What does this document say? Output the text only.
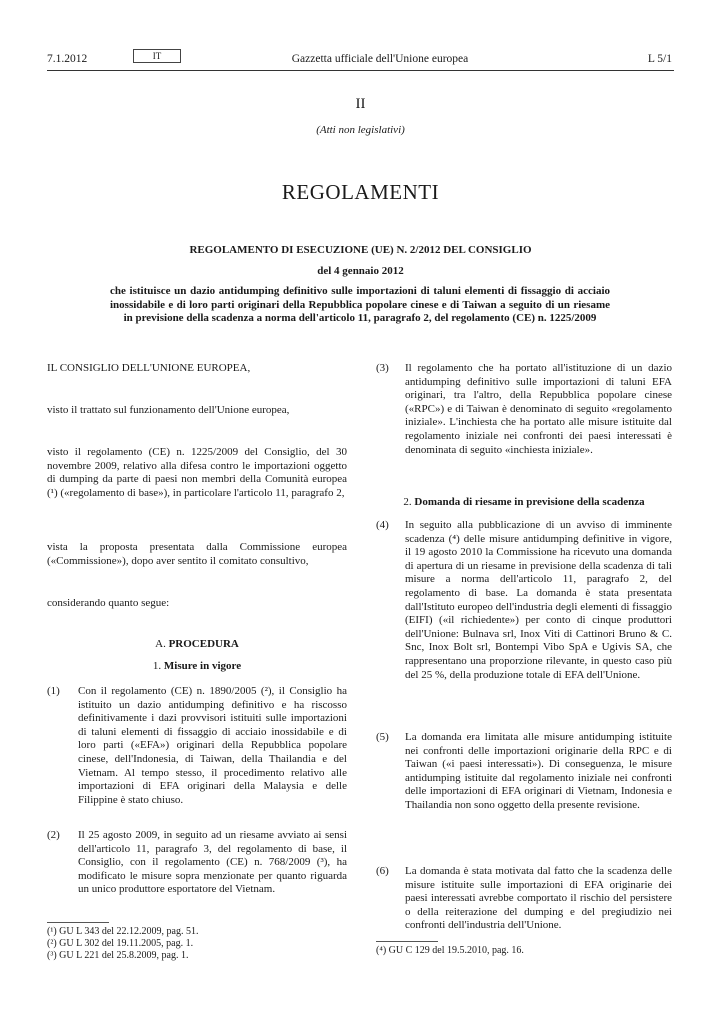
7.1.2012	IT	Gazzetta ufficiale dell'Unione europea	L 5/1
II
(Atti non legislativi)
REGOLAMENTI
REGOLAMENTO DI ESECUZIONE (UE) N. 2/2012 DEL CONSIGLIO
del 4 gennaio 2012
che istituisce un dazio antidumping definitivo sulle importazioni di taluni elementi di fissaggio di acciaio inossidabile e di loro parti originari della Repubblica popolare cinese e di Taiwan a seguito di un riesame in previsione della scadenza a norma dell'articolo 11, paragrafo 2, del regolamento (CE) n. 1225/2009
IL CONSIGLIO DELL'UNIONE EUROPEA,
visto il trattato sul funzionamento dell'Unione europea,
visto il regolamento (CE) n. 1225/2009 del Consiglio, del 30 novembre 2009, relativo alla difesa contro le importazioni oggetto di dumping da parte di paesi non membri della Comunità europea (¹) («regolamento di base»), in particolare l'articolo 11, paragrafo 2,
vista la proposta presentata dalla Commissione europea («Commissione»), dopo aver sentito il comitato consultivo,
considerando quanto segue:
A. PROCEDURA
1. Misure in vigore
(1)	Con il regolamento (CE) n. 1890/2005 (²), il Consiglio ha istituito un dazio antidumping definitivo e ha riscosso definitivamente i dazi provvisori istituiti sulle importazioni di taluni elementi di fissaggio di acciaio inossidabile e di loro parti («EFA») originari della Repubblica popolare cinese, dell'Indonesia, di Taiwan, della Thailandia e del Vietnam. Al tempo stesso, il procedimento relativo alle importazioni di EFA originari della Malaysia e delle Filippine è stato chiuso.
(2)	Il 25 agosto 2009, in seguito ad un riesame avviato ai sensi dell'articolo 11, paragrafo 3, del regolamento di base, il Consiglio, con il regolamento (CE) n. 768/2009 (³), ha modificato le misure sopra menzionate per quanto riguarda un unico produttore esportatore del Vietnam.
(¹) GU L 343 del 22.12.2009, pag. 51.
(²) GU L 302 del 19.11.2005, pag. 1.
(³) GU L 221 del 25.8.2009, pag. 1.
(3)	Il regolamento che ha portato all'istituzione di un dazio antidumping definitivo sulle importazioni di taluni EFA originari, tra l'altro, della Repubblica popolare cinese («RPC») e di Taiwan è denominato di seguito «regolamento iniziale». L'inchiesta che ha portato alle misure istituite dal regolamento iniziale nei confronti dei paesi interessati è denominata di seguito «inchiesta iniziale».
2. Domanda di riesame in previsione della scadenza
(4)	In seguito alla pubblicazione di un avviso di imminente scadenza (⁴) delle misure antidumping definitive in vigore, il 19 agosto 2010 la Commissione ha ricevuto una domanda di apertura di un riesame in previsione della scadenza di tali misure a norma dell'articolo 11, paragrafo 2, del regolamento di base. La domanda è stata presentata dall'Istituto europeo dell'industria degli elementi di fissaggio (EIFI) («il richiedente») per conto di cinque produttori dell'Unione: Bulnava srl, Inox Viti di Cattinori Bruno & C. Snc, Inox Bolt srl, Bontempi Vibo SpA e Ugivis SA, che rappresentano una proporzione rilevante, in questo caso più del 25 %, della produzione totale di EFA dell'Unione.
(5)	La domanda era limitata alle misure antidumping istituite nei confronti delle importazioni originarie della RPC e di Taiwan («i paesi interessati»). Di conseguenza, le misure antidumping istituite dal regolamento iniziale nei confronti delle importazioni di EFA originari di Vietnam, Indonesia e Thailandia non sono oggetto della presente revisione.
(6)	La domanda è stata motivata dal fatto che la scadenza delle misure istituite sulle importazioni di EFA originarie dei paesi interessati avrebbe comportato il rischio del persistere o della reiterazione del dumping e del pregiudizio nei confronti dell'industria dell'Unione.
(⁴) GU C 129 del 19.5.2010, pag. 16.
